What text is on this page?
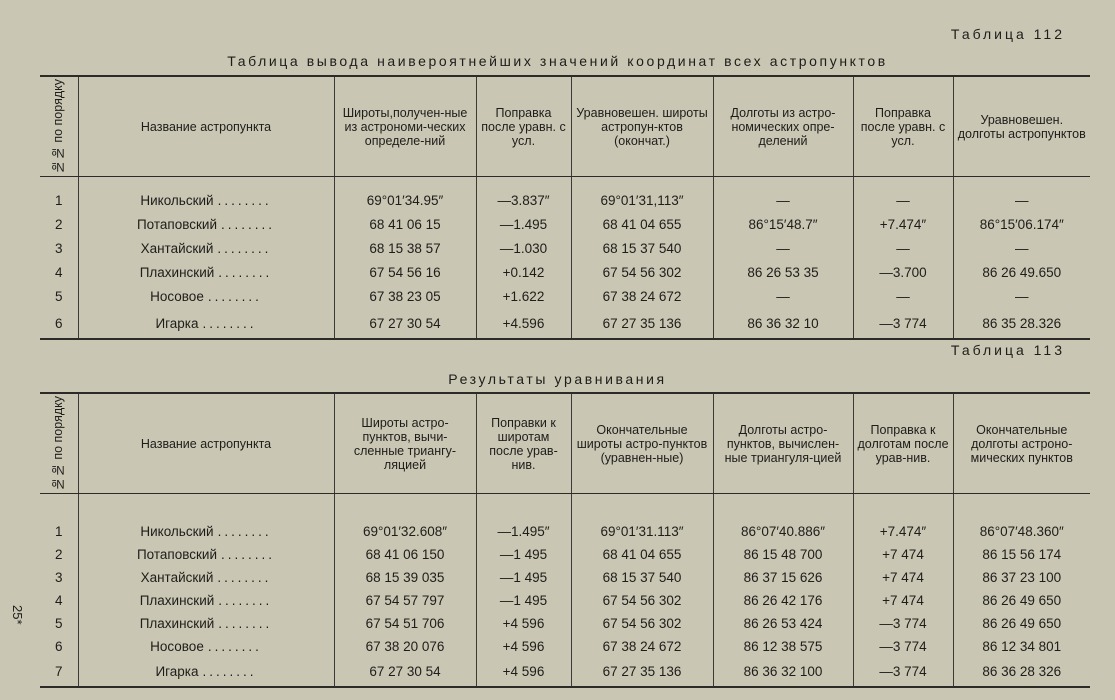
Таблица 112
Таблица вывода наивероятнейших значений координат всех астропунктов
№№ по порядку	Название астропункта	Широты,получен-ные из астрономи-ческих определе-ний	Поправка после уравн. с усл.	Уравновешен. широты астропун-ктов (окончат.)	Долготы из астро-номических опре-делений	Поправка после уравн. с усл.	Уравновешен. долготы астропунктов
1	Никольский ........	69°01′34.95″	—3.837″	69°01′31,113″	—	—	—
2	Потаповский ........	68 41 06 15	—1.495	68 41 04 655	86°15′48.7″	+7.474″	86°15′06.174″
3	Хантайский ........	68 15 38 57	—1.030	68 15 37 540	—	—	—
4	Плахинский ........	67 54 56 16	+0.142	67 54 56 302	86 26 53 35	—3.700	86 26 49.650
5	Носовое ........	67 38 23 05	+1.622	67 38 24 672	—	—	—
6	Игарка ........	67 27 30 54	+4.596	67 27 35 136	86 36 32 10	—3 774	86 35 28.326
Таблица 113
Результаты уравнивания
№№ по порядку	Название астропункта	Широты астро-пунктов, вычи-сленные триангу-ляцией	Поправки к широтам после урав-нив.	Окончательные широты астро-пунктов (уравнен-ные)	Долготы астро-пунктов, вычислен-ные триангуля-цией	Поправка к долготам после урав-нив.	Окончательные долготы астроно-мических пунктов
1	Никольский ........	69°01′32.608″	—1.495″	69°01′31.113″	86°07′40.886″	+7.474″	86°07′48.360″
2	Потаповский ........	68 41 06 150	—1 495	68 41 04 655	86 15 48 700	+7 474	86 15 56 174
3	Хантайский ........	68 15 39 035	—1 495	68 15 37 540	86 37 15 626	+7 474	86 37 23 100
4	Плахинский ........	67 54 57 797	—1 495	67 54 56 302	86 26 42 176	+7 474	86 26 49 650
5	Плахинский ........	67 54 51 706	+4 596	67 54 56 302	86 26 53 424	—3 774	86 26 49 650
6	Носовое ........	67 38 20 076	+4 596	67 38 24 672	86 12 38 575	—3 774	86 12 34 801
7	Игарка ........	67 27 30 54	+4 596	67 27 35 136	86 36 32 100	—3 774	86 36 28 326
25*
